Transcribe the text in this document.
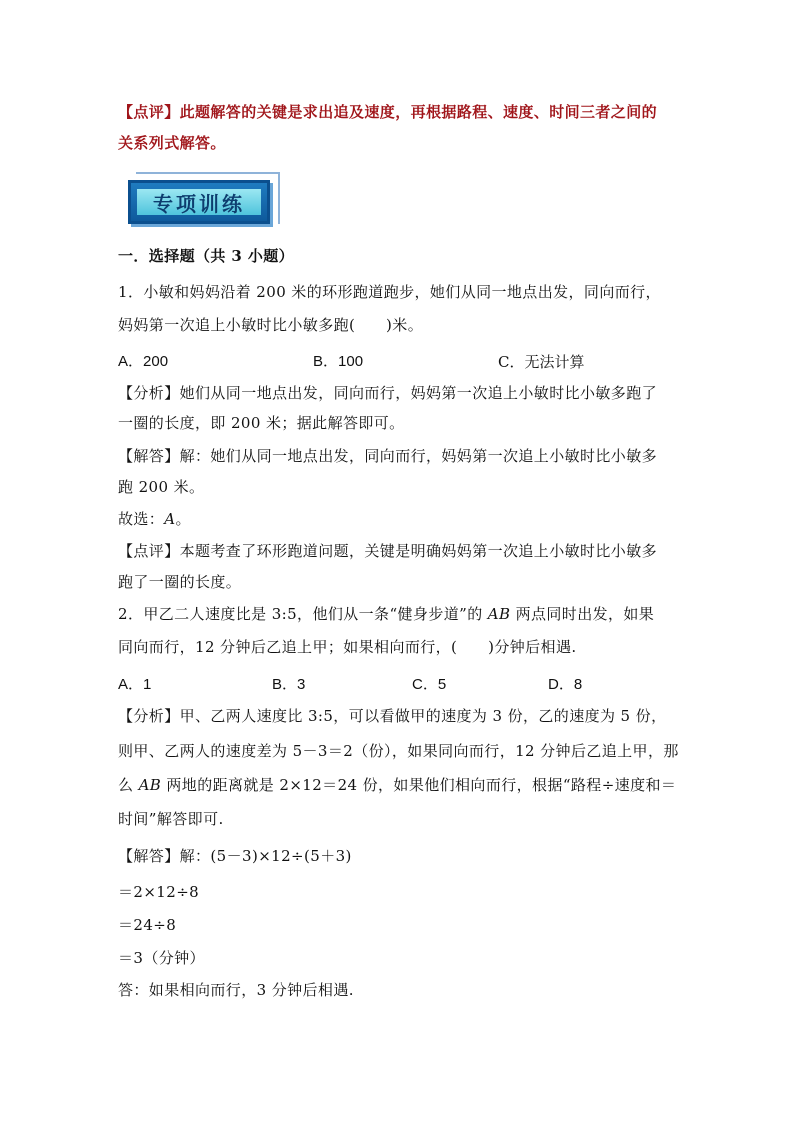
【点评】此题解答的关键是求出追及速度，再根据路程、速度、时间三者之间的
关系列式解答。
专项训练
一．选择题（共 3 小题）
1．小敏和妈妈沿着 200 米的环形跑道跑步，她们从同一地点出发，同向而行，
妈妈第一次追上小敏时比小敏多跑(　　)米。
A．200	B．100	C．无法计算
【分析】她们从同一地点出发，同向而行，妈妈第一次追上小敏时比小敏多跑了
一圈的长度，即 200 米；据此解答即可。
【解答】解：她们从同一地点出发，同向而行，妈妈第一次追上小敏时比小敏多
跑 200 米。
故选：A。
【点评】本题考查了环形跑道问题，关键是明确妈妈第一次追上小敏时比小敏多
跑了一圈的长度。
2．甲乙二人速度比是 3:5，他们从一条“健身步道”的 AB 两点同时出发，如果
同向而行，12 分钟后乙追上甲；如果相向而行，(　　)分钟后相遇.
A．1	B．3	C．5	D．8
【分析】甲、乙两人速度比 3:5，可以看做甲的速度为 3 份，乙的速度为 5 份，
则甲、乙两人的速度差为 5－3＝2（份），如果同向而行，12 分钟后乙追上甲，那
么 AB 两地的距离就是 2×12＝24 份，如果他们相向而行，根据“路程÷速度和＝
时间”解答即可.
【解答】解：(5－3)×12÷(5＋3)
＝2×12÷8
＝24÷8
＝3（分钟）
答：如果相向而行，3 分钟后相遇.
